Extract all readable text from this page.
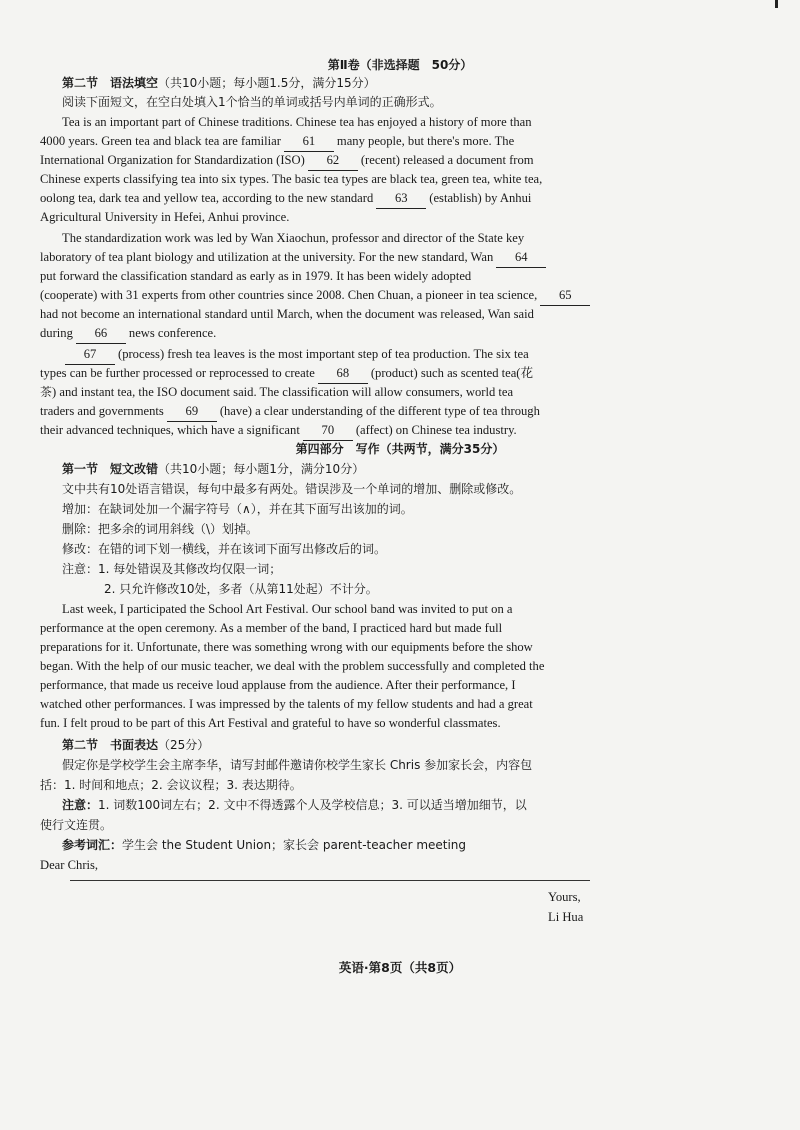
第Ⅱ卷（非选择题　50分）
第二节　语法填空（共10小题；每小题1.5分，满分15分）
阅读下面短文，在空白处填入1个恰当的单词或括号内单词的正确形式。
Tea is an important part of Chinese traditions. Chinese tea has enjoyed a history of more than
4000 years. Green tea and black tea are familiar 61 many people, but there's more. The
International Organization for Standardization (ISO) 62 (recent) released a document from
Chinese experts classifying tea into six types. The basic tea types are black tea, green tea, white tea,
oolong tea, dark tea and yellow tea, according to the new standard 63 (establish) by Anhui
Agricultural University in Hefei, Anhui province.
The standardization work was led by Wan Xiaochun, professor and director of the State key
laboratory of tea plant biology and utilization at the university. For the new standard, Wan 64
put forward the classification standard as early as in 1979. It has been widely adopted
(cooperate) with 31 experts from other countries since 2008. Chen Chuan, a pioneer in tea science, 65
had not become an international standard until March, when the document was released, Wan said
during 66 news conference.
67 (process) fresh tea leaves is the most important step of tea production. The six tea
types can be further processed or reprocessed to create 68 (product) such as scented tea(花
茶) and instant tea, the ISO document said. The classification will allow consumers, world tea
traders and governments 69 (have) a clear understanding of the different type of tea through
their advanced techniques, which have a significant 70 (affect) on Chinese tea industry.
第四部分　写作（共两节，满分35分）
第一节　短文改错（共10小题；每小题1分，满分10分）
文中共有10处语言错误，每句中最多有两处。错误涉及一个单词的增加、删除或修改。
增加：在缺词处加一个漏字符号（∧），并在其下面写出该加的词。
删除：把多余的词用斜线（\）划掉。
修改：在错的词下划一横线，并在该词下面写出修改后的词。
注意：1. 每处错误及其修改均仅限一词；
2. 只允许修改10处，多者（从第11处起）不计分。
Last week, I participated the School Art Festival. Our school band was invited to put on a
performance at the open ceremony. As a member of the band, I practiced hard but made full
preparations for it. Unfortunate, there was something wrong with our equipments before the show
began. With the help of our music teacher, we deal with the problem successfully and completed the
performance, that made us receive loud applause from the audience. After their performance, I
watched other performances. I was impressed by the talents of my fellow students and had a great
fun. I felt proud to be part of this Art Festival and grateful to have so wonderful classmates.
第二节　书面表达（25分）
假定你是学校学生会主席李华，请写封邮件邀请你校学生家长 Chris 参加家长会，内容包
括：1. 时间和地点；2. 会议议程；3. 表达期待。
注意：1. 词数100词左右；2. 文中不得透露个人及学校信息；3. 可以适当增加细节，以
使行文连贯。
参考词汇：学生会 the Student Union；家长会 parent-teacher meeting
Dear Chris,
Yours,
Li Hua
英语·第8页（共8页）
